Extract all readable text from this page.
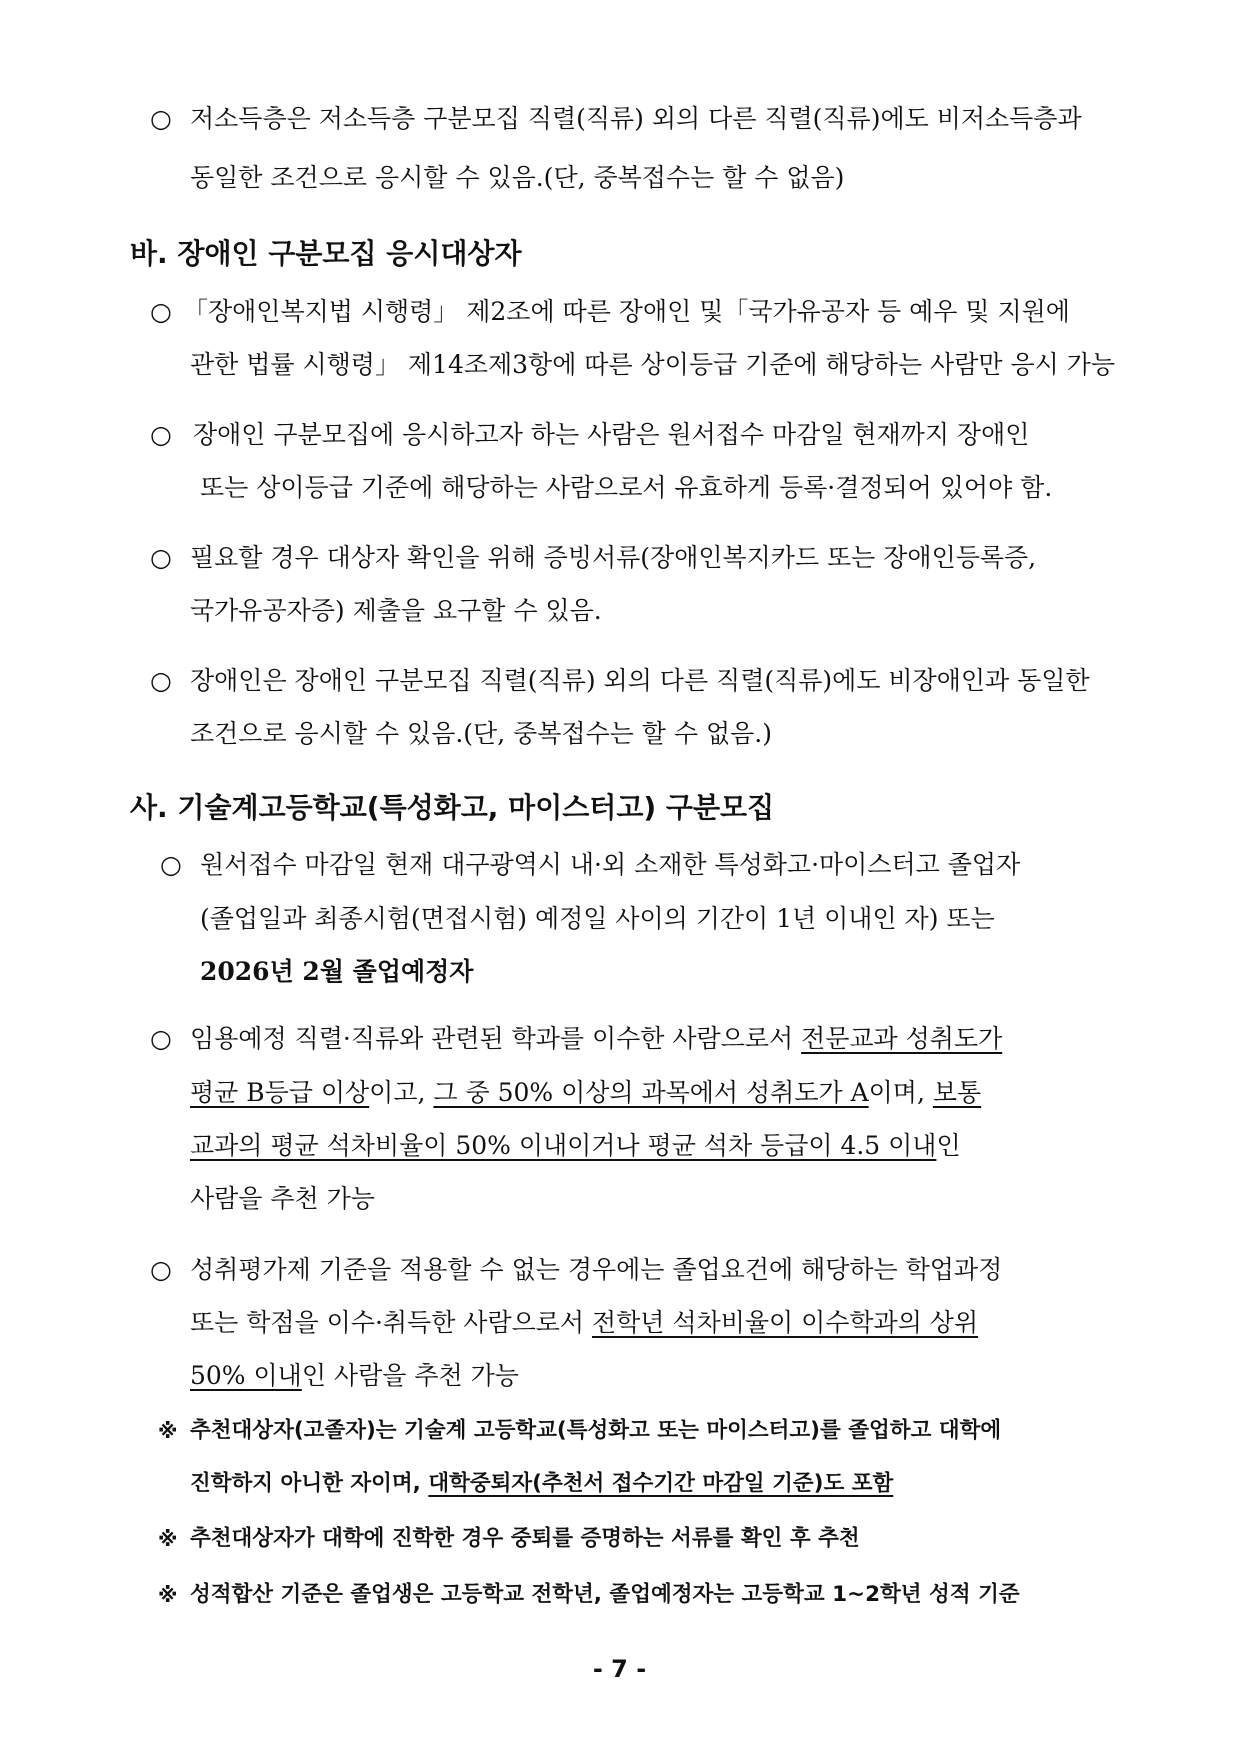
○ 저소득층은 저소득층 구분모집 직렬(직류) 외의 다른 직렬(직류)에도 비저소득층과
동일한 조건으로 응시할 수 있음.(단, 중복접수는 할 수 없음)
바. 장애인 구분모집 응시대상자
○ 「장애인복지법 시행령」 제2조에 따른 장애인 및「국가유공자 등 예우 및 지원에
관한 법률 시행령」 제14조제3항에 따른 상이등급 기준에 해당하는 사람만 응시 가능
○ 장애인 구분모집에 응시하고자 하는 사람은 원서접수 마감일 현재까지 장애인
또는 상이등급 기준에 해당하는 사람으로서 유효하게 등록·결정되어 있어야 함.
○ 필요할 경우 대상자 확인을 위해 증빙서류(장애인복지카드 또는 장애인등록증,
국가유공자증) 제출을 요구할 수 있음.
○ 장애인은 장애인 구분모집 직렬(직류) 외의 다른 직렬(직류)에도 비장애인과 동일한
조건으로 응시할 수 있음.(단, 중복접수는 할 수 없음.)
사. 기술계고등학교(특성화고, 마이스터고) 구분모집
○ 원서접수 마감일 현재 대구광역시 내·외 소재한 특성화고·마이스터고 졸업자
(졸업일과 최종시험(면접시험) 예정일 사이의 기간이 1년 이내인 자) 또는
2026년 2월 졸업예정자
○ 임용예정 직렬·직류와 관련된 학과를 이수한 사람으로서 전문교과 성취도가
평균 B등급 이상이고, 그 중 50% 이상의 과목에서 성취도가 A이며, 보통
교과의 평균 석차비율이 50% 이내이거나 평균 석차 등급이 4.5 이내인
사람을 추천 가능
○ 성취평가제 기준을 적용할 수 없는 경우에는 졸업요건에 해당하는 학업과정
또는 학점을 이수·취득한 사람으로서 전학년 석차비율이 이수학과의 상위
50% 이내인 사람을 추천 가능
※ 추천대상자(고졸자)는 기술계 고등학교(특성화고 또는 마이스터고)를 졸업하고 대학에
진학하지 아니한 자이며, 대학중퇴자(추천서 접수기간 마감일 기준)도 포함
※ 추천대상자가 대학에 진학한 경우 중퇴를 증명하는 서류를 확인 후 추천
※ 성적합산 기준은 졸업생은 고등학교 전학년, 졸업예정자는 고등학교 1~2학년 성적 기준
- 7 -
